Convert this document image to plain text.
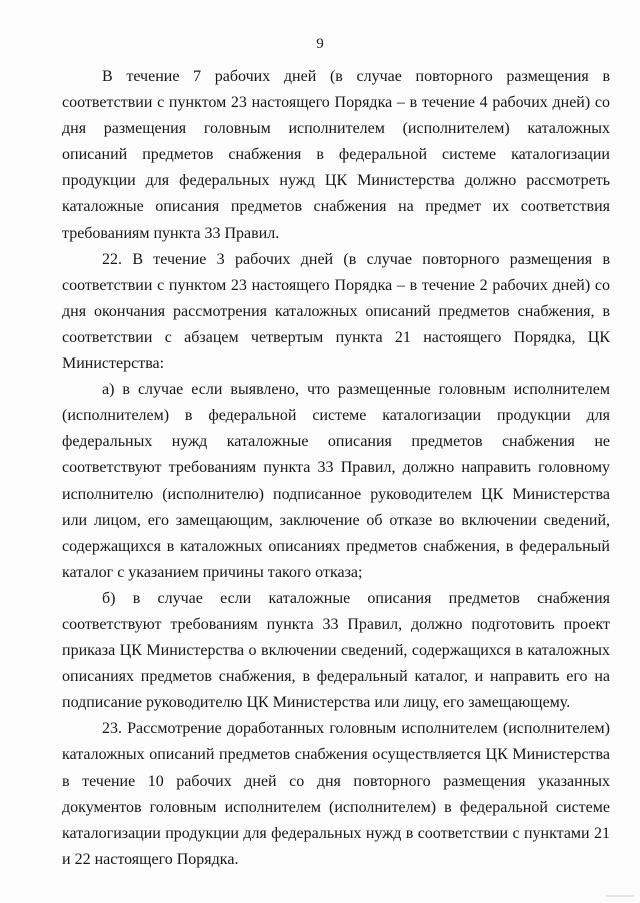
9

В течение 7 рабочих дней (в случае повторного размещения в соответствии с пунктом 23 настоящего Порядка – в течение 4 рабочих дней) со дня размещения головным исполнителем (исполнителем) каталожных описаний предметов снабжения в федеральной системе каталогизации продукции для федеральных нужд ЦК Министерства должно рассмотреть каталожные описания предметов снабжения на предмет их соответствия требованиям пункта 33 Правил.

22. В течение 3 рабочих дней (в случае повторного размещения в соответствии с пунктом 23 настоящего Порядка – в течение 2 рабочих дней) со дня окончания рассмотрения каталожных описаний предметов снабжения, в соответствии с абзацем четвертым пункта 21 настоящего Порядка, ЦК Министерства:

а) в случае если выявлено, что размещенные головным исполнителем (исполнителем) в федеральной системе каталогизации продукции для федеральных нужд каталожные описания предметов снабжения не соответствуют требованиям пункта 33 Правил, должно направить головному исполнителю (исполнителю) подписанное руководителем ЦК Министерства или лицом, его замещающим, заключение об отказе во включении сведений, содержащихся в каталожных описаниях предметов снабжения, в федеральный каталог с указанием причины такого отказа;

б) в случае если каталожные описания предметов снабжения соответствуют требованиям пункта 33 Правил, должно подготовить проект приказа ЦК Министерства о включении сведений, содержащихся в каталожных описаниях предметов снабжения, в федеральный каталог, и направить его на подписание руководителю ЦК Министерства или лицу, его замещающему.

23. Рассмотрение доработанных головным исполнителем (исполнителем) каталожных описаний предметов снабжения осуществляется ЦК Министерства в течение 10 рабочих дней со дня повторного размещения указанных документов головным исполнителем (исполнителем) в федеральной системе каталогизации продукции для федеральных нужд в соответствии с пунктами 21 и 22 настоящего Порядка.
